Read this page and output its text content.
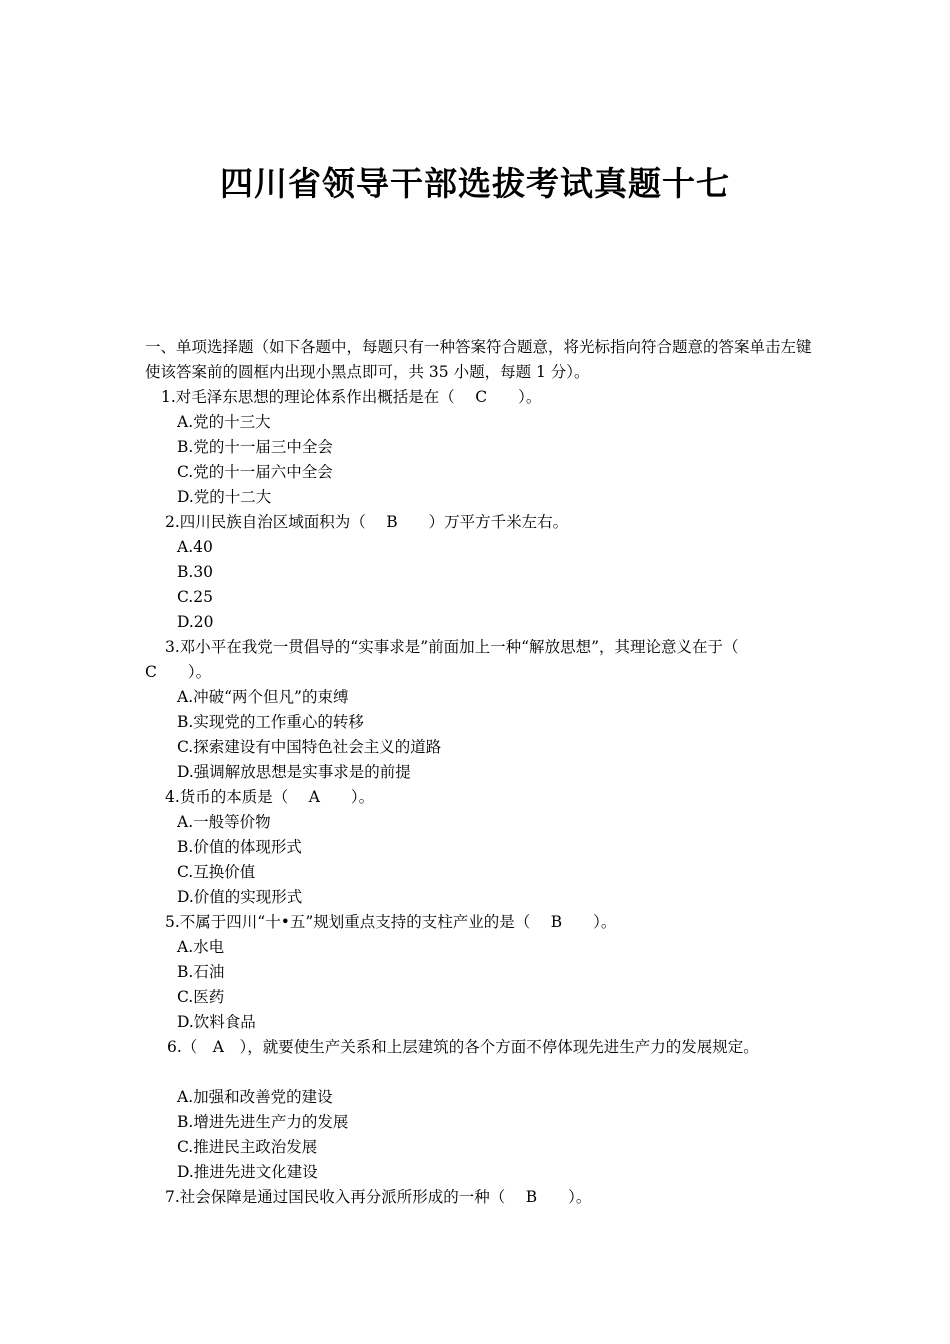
四川省领导干部选拔考试真题十七
一、单项选择题（如下各题中，每题只有一种答案符合题意，将光标指向符合题意的答案单击左键使该答案前的圆框内出现小黑点即可，共 35 小题，每题 1 分）。
1.对毛泽东思想的理论体系作出概括是在（　 C　　）。
A.党的十三大
B.党的十一届三中全会
C.党的十一届六中全会
D.党的十二大
2.四川民族自治区域面积为（　 B　　）万平方千米左右。
A.40
B.30
C.25
D.20
3.邓小平在我党一贯倡导的“实事求是”前面加上一种“解放思想”，其理论意义在于（　 C　　）。
A.冲破“两个但凡”的束缚
B.实现党的工作重心的转移
C.探索建设有中国特色社会主义的道路
D.强调解放思想是实事求是的前提
4.货币的本质是（　 A　　）。
A.一般等价物
B.价值的体现形式
C.互换价值
D.价值的实现形式
5.不属于四川“十•五”规划重点支持的支柱产业的是（　 B　　）。
A.水电
B.石油
C.医药
D.饮料食品
6.（　A　），就要使生产关系和上层建筑的各个方面不停体现先进生产力的发展规定。
A.加强和改善党的建设
B.增进先进生产力的发展
C.推进民主政治发展
D.推进先进文化建设
7.社会保障是通过国民收入再分派所形成的一种（　 B　　）。
